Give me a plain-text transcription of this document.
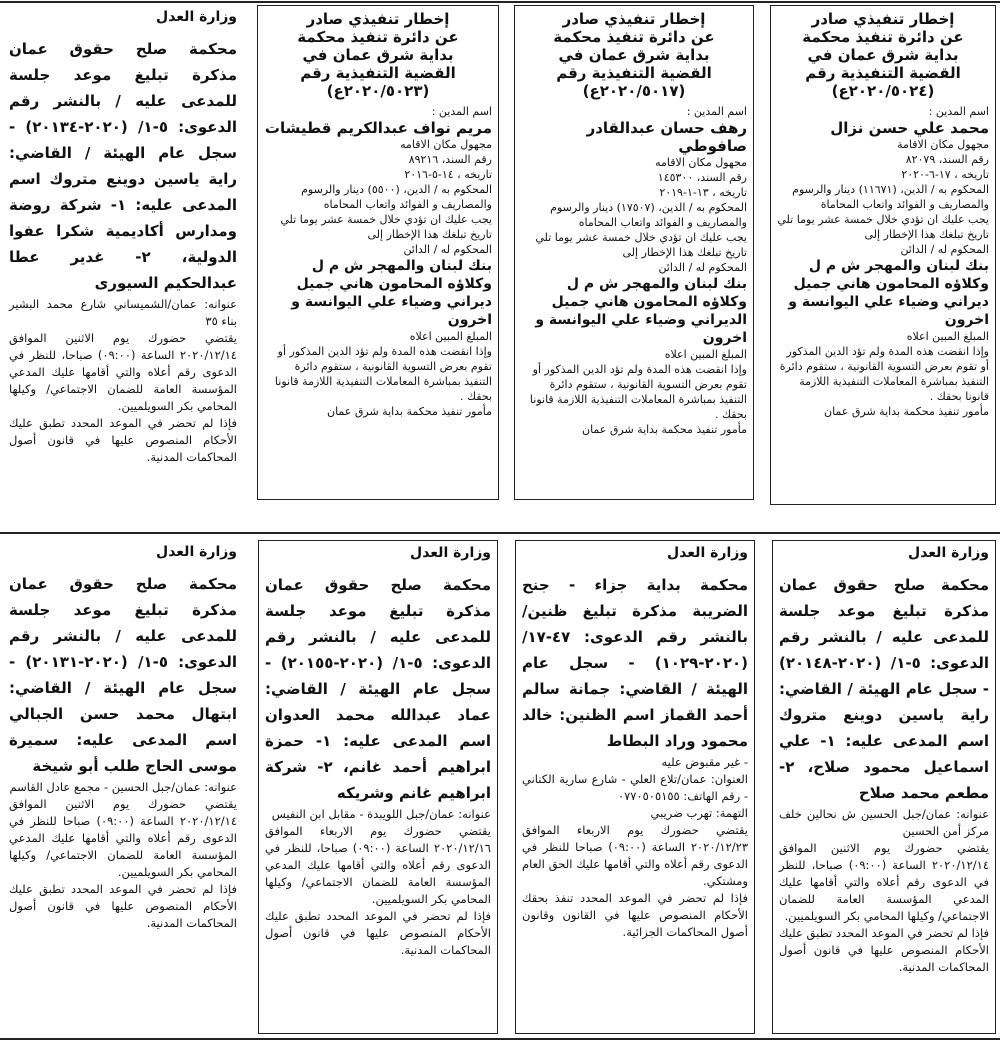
إخطار تنفيذي صادر
عن دائرة تنفيذ محكمة
بداية شرق عمان في
القضية التنفيذية رقم
(٢٠٢٠/٥٠٢٤ع)
اسم المدين :
محمد علي حسن نزال
مجهول مكان الاقامة
رقم السند، ٨٢٠٧٩
تاريخه ، ١٧-٦-٢٠٢٠
المحكوم به / الدين، (١١٦٧١) دينار والرسوم والمصاريف و الفوائد واتعاب المحاماة
يجب عليك ان تؤدي خلال خمسة عشر يوما تلي تاريخ تبلغك هذا الإخطار إلى
المحكوم له / الدائن
بنك لبنان والمهجر ش م ل وكلاؤه المحامون هاني جميل ديراني وضياء علي اليوانسة و اخرون
المبلغ المبين اعلاه
وإذا انقضت هذه المدة ولم تؤد الدين المذكور أو تقوم بعرض التسوية القانونية ، ستقوم دائرة التنفيذ بمباشرة المعاملات التنفيذية اللازمة قانونا بحقك .
مأمور تنفيذ محكمة بداية شرق عمان
إخطار تنفيذي صادر
عن دائرة تنفيذ محكمة
بداية شرق عمان في
القضية التنفيذية رقم
(٢٠٢٠/٥٠١٧ع)
اسم المدين :
رهف حسان عبدالقادر صافوطي
مجهول مكان الاقامه
رقم السند، ١٤٥٣٠٠
تاريخه ، ١٣-١-٢٠١٩
المحكوم به / الدين، (١٧٥٠٧) دينار والرسوم والمصاريف و الفوائد واتعاب المحاماه
يجب عليك ان تؤدي خلال خمسة عشر يوما تلي تاريخ تبلغك هذا الإخطار إلى
المحكوم له / الدائن
بنك لبنان والمهجر ش م ل وكلاؤه المحامون هاني جميل الديراني وضياء علي اليوانسة و اخرون
المبلغ المبين اعلاه
وإذا انقضت هذه المدة ولم تؤد الدين المذكور أو تقوم بعرض التسوية القانونية ، ستقوم دائرة التنفيذ بمباشرة المعاملات التنفيذية اللازمة قانونا بحقك .
مأمور تنفيذ محكمة بداية شرق عمان
إخطار تنفيذي صادر
عن دائرة تنفيذ محكمة
بداية شرق عمان في
القضية التنفيذية رقم
(٢٠٢٠/٥٠٢٣ع)
اسم المدين :
مريم نواف عبدالكريم قطيشات
مجهول مكان الاقامه
رقم السند، ٨٩٢١٦
تاريخه ، ١٤-٥-٢٠١٦
المحكوم به / الدين، (٥٥٠٠) دينار والرسوم والمصاريف و الفوائد واتعاب المحاماه
يجب عليك ان تؤدي خلال خمسة عشر يوما تلي تاريخ تبلغك هذا الإخطار إلى
المحكوم له / الدائن
بنك لبنان والمهجر ش م ل وكلاؤه المحامون هاني جميل ديراني وضياء علي اليوانسة و اخرون
المبلغ المبين اعلاه
وإذا انقضت هذه المدة ولم تؤد الدين المذكور أو تقوم بعرض التسوية القانونية ، ستقوم دائرة التنفيذ بمباشرة المعاملات التنفيذية اللازمة قانونا بحقك .
مأمور تنفيذ محكمة بداية شرق عمان
وزارة العدل

محكمة صلح حقوق عمان مذكرة تبليغ موعد جلسة للمدعى عليه / بالنشر رقم الدعوى: ٥-١/ (٢٠٢٠-٢٠١٣٤) - سجل عام الهيئة / القاضي: راية ياسين دوينع متروك اسم المدعى عليه: ١- شركة روضة ومدارس أكاديمية شكرا عفوا الدولية، ٢- غدير عطا عبدالحكيم السيورى

عنوانه: عمان/الشميساني شارع محمد البشير بناء ٣٥

يقتضي حضورك يوم الاثنين الموافق ٢٠٢٠/١٢/١٤ الساعة (٠٩:٠٠) صباحا، للنظر في الدعوى رقم أعلاه والتي أقامها عليك المدعي المؤسسة العامة للضمان الاجتماعي/ وكيلها المحامي بكر السويلميين.

فإذا لم تحضر في الموعد المحدد تطبق عليك الأحكام المنصوص عليها في قانون أصول المحاكمات المدنية.

وزارة العدل

محكمة صلح حقوق عمان مذكرة تبليغ موعد جلسة للمدعى عليه / بالنشر رقم الدعوى: ٥-١/ (٢٠٢٠-٢٠١٤٨) - سجل عام الهيئة / القاضي: راية ياسين دوينع متروك اسم المدعى عليه: ١- علي اسماعيل محمود صلاح، ٢- مطعم محمد صلاح

عنوانه: عمان/جبل الحسين ش نحالين خلف مركز أمن الحسين

يقتضي حضورك يوم الاثنين الموافق ٢٠٢٠/١٢/١٤ الساعة (٠٩:٠٠) صباحا، للنظر في الدعوى رقم أعلاه والتي أقامها عليك المدعي المؤسسة العامة للضمان الاجتماعي/ وكيلها المحامي بكر السويلميين.

فإذا لم تحضر في الموعد المحدد تطبق عليك الأحكام المنصوص عليها في قانون أصول المحاكمات المدنية.

وزارة العدل

محكمة بداية جزاء - جنح الضريبة مذكرة تبليغ ظنين/بالنشر رقم الدعوى: ٤٧-١٧/ (٢٠٢٠-١٠٢٩) - سجل عام الهيئة / القاضي: جمانة سالم أحمد القماز اسم الظنين: خالد محمود وراد البطاط

- غير مقبوض عليه

العنوان: عمان/تلاع العلي - شارع سارية الكناني - رقم الهاتف: ٠٧٧٠٥٠٥١٥٥

التهمة: تهرب ضريبي

يقتضي حضورك يوم الاربعاء الموافق ٢٠٢٠/١٢/٢٣ الساعة (٠٩:٠٠) صباحا للنظر في الدعوى رقم أعلاه والتي أقامها عليك الحق العام ومشتكي.

فإذا لم تحضر في الموعد المحدد تنفذ بحقك الأحكام المنصوص عليها في القانون وقانون أصول المحاكمات الجزائية.

وزارة العدل

محكمة صلح حقوق عمان مذكرة تبليغ موعد جلسة للمدعى عليه / بالنشر رقم الدعوى: ٥-١/ (٢٠٢٠-٢٠١٥٥) - سجل عام الهيئة / القاضي: عماد عبدالله محمد العدوان اسم المدعى عليه: ١- حمزة ابراهيم أحمد غانم، ٢- شركة ابراهيم غانم وشريكه

عنوانه: عمان/جبل اللويبدة - مقابل ابن النفيس

يقتضي حضورك يوم الاربعاء الموافق ٢٠٢٠/١٢/١٦ الساعة (٠٩:٠٠) صباحا، للنظر في الدعوى رقم أعلاه والتي أقامها عليك المدعي المؤسسة العامة للضمان الاجتماعي/ وكيلها المحامي بكر السويلميين.

فإذا لم تحضر في الموعد المحدد تطبق عليك الأحكام المنصوص عليها في قانون أصول المحاكمات المدنية.

وزارة العدل

محكمة صلح حقوق عمان مذكرة تبليغ موعد جلسة للمدعى عليه / بالنشر رقم الدعوى: ٥-١/ (٢٠٢٠-٢٠١٣١) - سجل عام الهيئة / القاضي: ابتهال محمد حسن الجبالي اسم المدعى عليه: سميرة موسى الحاج طلب أبو شيخة

عنوانه: عمان/جبل الحسين - مجمع عادل القاسم

يقتضي حضورك يوم الاثنين الموافق ٢٠٢٠/١٢/١٤ الساعة (٠٩:٠٠) صباحا للنظر في الدعوى رقم أعلاه والتي أقامها عليك المدعي المؤسسة العامة للضمان الاجتماعي/ وكيلها المحامي بكر السويلميين.

فإذا لم تحضر في الموعد المحدد تطبق عليك الأحكام المنصوص عليها في قانون أصول المحاكمات المدنية.
